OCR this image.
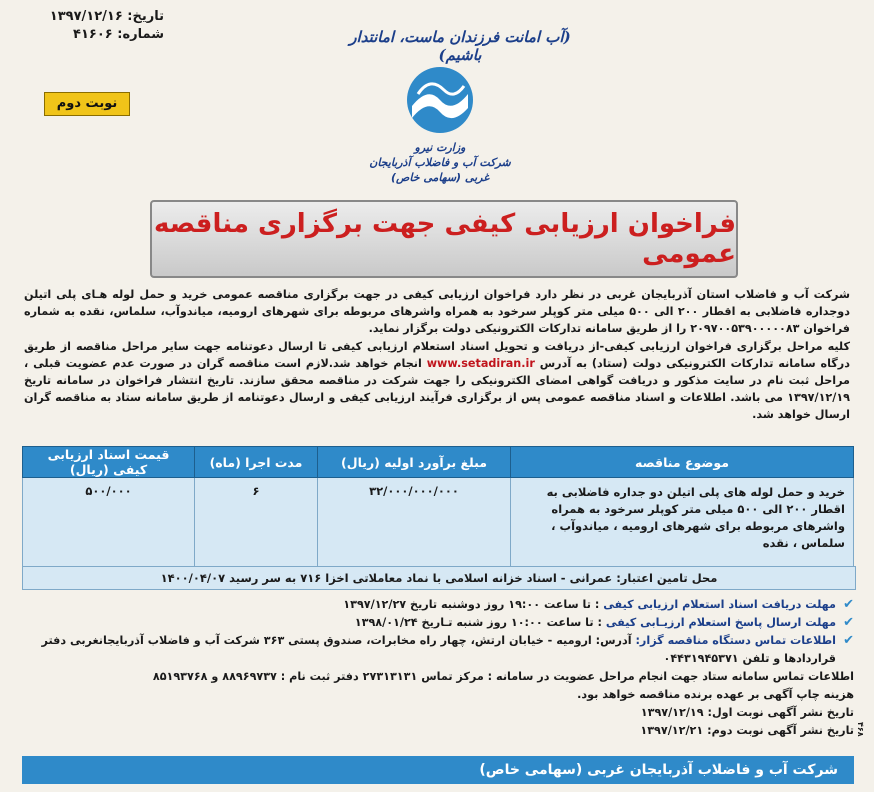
تاریخ: ۱۳۹۷/۱۲/۱۶
شماره: ۴۱۶۰۶	(آب امانت فرزندان ماست، امانتدار باشیم)
نوبت دوم
وزارت نیرو
شرکت آب و فاضلاب آذربایجان غربی (سهامی خاص)
فراخوان ارزیابی کیفی جهت برگزاری مناقصه عمومی

شرکت آب و فاضلاب استان آذربایجان غربی در نظر دارد فراخوان ارزیابی کیفی در جهت برگزاری مناقصه عمومی خرید و حمل لوله هـای پلی اتیلن دوجداره فاضلابی به اقطار ۲۰۰ الی ۵۰۰ میلی متر کوپلر سرخود به همراه واشرهای مربوطه برای شهرهای ارومیه، میاندوآب، سلماس، نقده به شماره فراخوان ۲۰۹۷۰۰۵۳۹۰۰۰۰۰۸۳ را از طریق سامانه تدارکات الکترونیکی دولت برگزار نماید.

کلیه مراحل برگزاری فراخوان ارزیابی کیفی-از دریافت و تحویل اسناد استعلام ارزیابی کیفی تا ارسال دعوتنامه جهت سایر مراحل مناقصه از طریق درگاه سامانه تدارکات الکترونیکی دولت (ستاد) به آدرس www.setadiran.ir انجام خواهد شد.لازم است مناقصه گران در صورت عدم عضویت قبلی ، مراحل ثبت نام در سایت مذکور و دریافت گواهی امضای الکترونیکی را جهت شرکت در مناقصه محقق سازند. تاریخ انتشار فراخوان در سامانه تاریخ ۱۳۹۷/۱۲/۱۹ می باشد. اطلاعات و اسناد مناقصه عمومی پس از برگزاری فرآیند ارزیابی کیفی و ارسال دعوتنامه از طریق سامانه ستاد به مناقصه گران ارسال خواهد شد.

موضوع مناقصه	مبلغ برآورد اولیه (ریال)	مدت اجرا (ماه)	قیمت اسناد ارزیابی کیفی (ریال)
خرید و حمل لوله های پلی اتیلن دو جداره فاضلابی به اقطار ۲۰۰ الی ۵۰۰ میلی متر کوپلر سرخود به همراه واشرهای مربوطه برای شهرهای ارومیه ، میاندوآب ، سلماس ، نقده	۳۲/۰۰۰/۰۰۰/۰۰۰	۶	۵۰۰/۰۰۰
محل تامین اعتبار: عمرانی - اسناد خزانه اسلامی با نماد معاملاتی اخزا ۷۱۶ به سر رسید ۱۴۰۰/۰۴/۰۷
✔
مهلت دریافت اسناد استعلام ارزیابی کیفی : تا ساعت ۱۹:۰۰ روز دوشنبه تاریخ ۱۳۹۷/۱۲/۲۷
✔
مهلت ارسال پاسخ استعلام ارزیـابی کیفی : تا ساعت ۱۰:۰۰ روز شنبه تـاریخ ۱۳۹۸/۰۱/۲۴
✔
اطلاعات تماس دستگاه مناقصه گزار: آدرس: ارومیه - خیابان ارتش، چهار راه مخابرات، صندوق پستی ۳۶۳ شرکت آب و فاضلاب آذربایجانغربی دفتر قراردادها و تلفن ۰۴۴۳۱۹۴۵۳۷۱
اطلاعات تماس سامانه ستاد جهت انجام مراحل عضویت در سامانه : مرکز تماس ۲۷۳۱۳۱۳۱ دفتر ثبت نام : ۸۸۹۶۹۷۳۷ و ۸۵۱۹۳۷۶۸
هزینه چاپ آگهی بر عهده برنده مناقصه خواهد بود.
تاریخ نشر آگهی نوبت اول: ۱۳۹۷/۱۲/۱۹
تاریخ نشر آگهی نوبت دوم: ۱۳۹۷/۱۲/۲۱
شرکت آب و فاضلاب آذربایجان غربی (سهامی خاص)
۴۶۸
